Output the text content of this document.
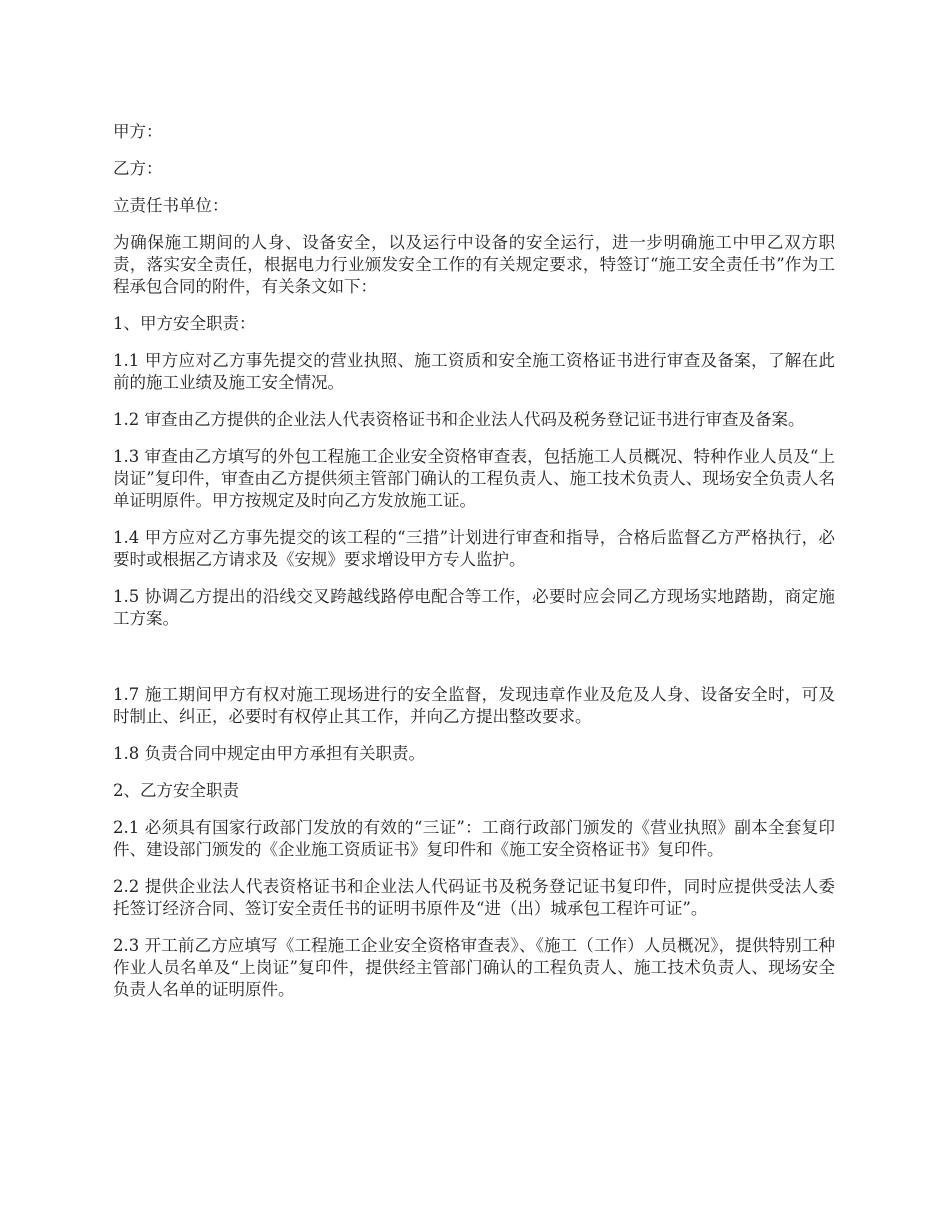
甲方：

乙方：

立责任书单位：

为确保施工期间的人身、设备安全，以及运行中设备的安全运行，进一步明确施工中甲乙双方职责，落实安全责任，根据电力行业颁发安全工作的有关规定要求，特签订“施工安全责任书”作为工程承包合同的附件，有关条文如下：

1、甲方安全职责：

1.1 甲方应对乙方事先提交的营业执照、施工资质和安全施工资格证书进行审查及备案，了解在此前的施工业绩及施工安全情况。

1.2 审查由乙方提供的企业法人代表资格证书和企业法人代码及税务登记证书进行审查及备案。

1.3 审查由乙方填写的外包工程施工企业安全资格审查表，包括施工人员概况、特种作业人员及“上岗证”复印件，审查由乙方提供须主管部门确认的工程负责人、施工技术负责人、现场安全负责人名单证明原件。甲方按规定及时向乙方发放施工证。

1.4 甲方应对乙方事先提交的该工程的“三措”计划进行审查和指导，合格后监督乙方严格执行，必要时或根据乙方请求及《安规》要求增设甲方专人监护。

1.5 协调乙方提出的沿线交叉跨越线路停电配合等工作，必要时应会同乙方现场实地踏勘，商定施工方案。

1.7 施工期间甲方有权对施工现场进行的安全监督，发现违章作业及危及人身、设备安全时，可及时制止、纠正，必要时有权停止其工作，并向乙方提出整改要求。

1.8 负责合同中规定由甲方承担有关职责。

2、乙方安全职责

2.1 必须具有国家行政部门发放的有效的“三证”：工商行政部门颁发的《营业执照》副本全套复印件、建设部门颁发的《企业施工资质证书》复印件和《施工安全资格证书》复印件。

2.2 提供企业法人代表资格证书和企业法人代码证书及税务登记证书复印件，同时应提供受法人委托签订经济合同、签订安全责任书的证明书原件及“进（出）城承包工程许可证”。

2.3 开工前乙方应填写《工程施工企业安全资格审查表》、《施工（工作）人员概况》，提供特别工种作业人员名单及“上岗证”复印件，提供经主管部门确认的工程负责人、施工技术负责人、现场安全负责人名单的证明原件。
